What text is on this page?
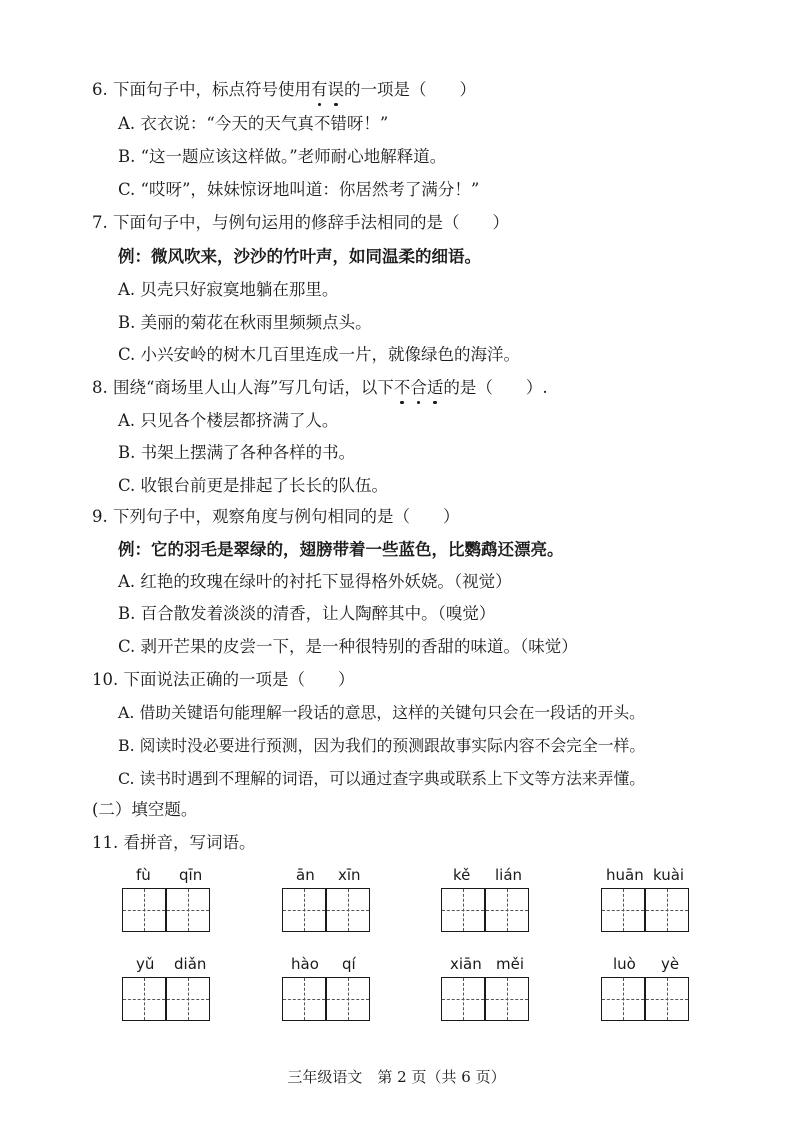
6. 下面句子中，标点符号使用有误的一项是（　　）
A. 衣衣说：“今天的天气真不错呀！”
B. “这一题应该这样做。”老师耐心地解释道。
C. “哎呀”，妹妹惊讶地叫道：你居然考了满分！”
7. 下面句子中，与例句运用的修辞手法相同的是（　　）
例：微风吹来，沙沙的竹叶声，如同温柔的细语。
A. 贝壳只好寂寞地躺在那里。
B. 美丽的菊花在秋雨里频频点头。
C. 小兴安岭的树木几百里连成一片，就像绿色的海洋。
8. 围绕“商场里人山人海”写几句话，以下不合适的是（　　）.
A. 只见各个楼层都挤满了人。
B. 书架上摆满了各种各样的书。
C. 收银台前更是排起了长长的队伍。
9. 下列句子中，观察角度与例句相同的是（　　）
例：它的羽毛是翠绿的，翅膀带着一些蓝色，比鹦鹉还漂亮。
A. 红艳的玫瑰在绿叶的衬托下显得格外妖娆。（视觉）
B. 百合散发着淡淡的清香，让人陶醉其中。（嗅觉）
C. 剥开芒果的皮尝一下，是一种很特别的香甜的味道。（味觉）
10. 下面说法正确的一项是（　　）
A. 借助关键语句能理解一段话的意思，这样的关键句只会在一段话的开头。
B. 阅读时没必要进行预测，因为我们的预测跟故事实际内容不会完全一样。
C. 读书时遇到不理解的词语，可以通过查字典或联系上下文等方法来弄懂。
(二）填空题。
11. 看拼音，写词语。
fù qīn	ān xīn	kě lián	huān kuài
yǔ diǎn	hào qí	xiān měi	luò yè
三年级语文　第 2 页（共 6 页）
